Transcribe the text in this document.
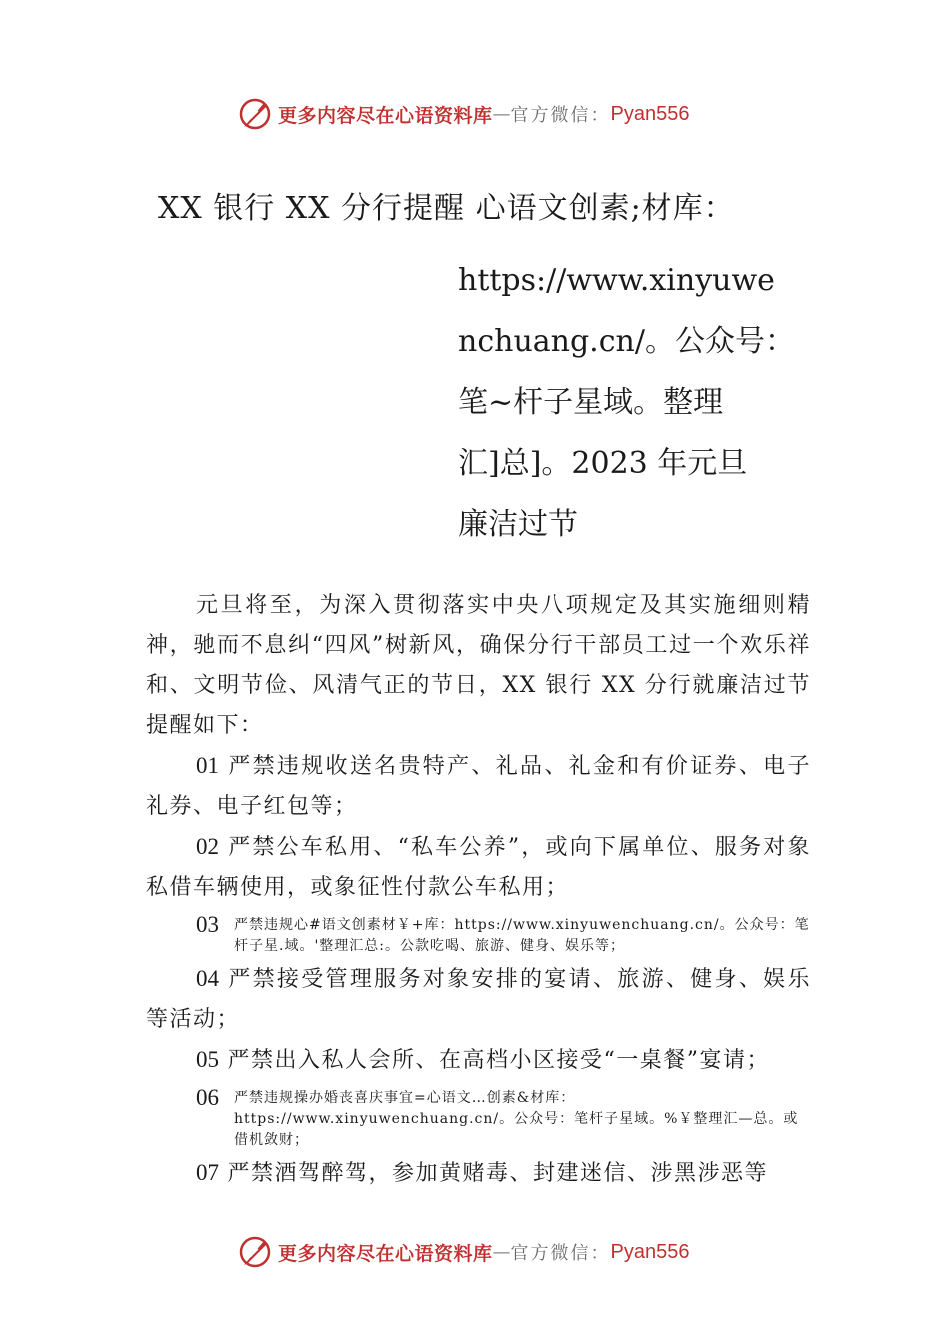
更多内容尽在心语资料库 — 官方微信： Pyan556
XX 银行 XX 分行提醒 心语文创素;材库：
https://www.xinyuwe
nchuang.cn/。公众号：
笔~杆子星域。整理
汇]总]。2023 年元旦
廉洁过节

元旦将至，为深入贯彻落实中央八项规定及其实施细则精神，驰而不息纠“四风”树新风，确保分行干部员工过一个欢乐祥和、文明节俭、风清气正的节日，XX 银行 XX 分行就廉洁过节提醒如下：

01 严禁违规收送名贵特产、礼品、礼金和有价证券、电子礼券、电子红包等；

02 严禁公车私用、“私车公养”，或向下属单位、服务对象私借车辆使用，或象征性付款公车私用；

03 严禁违规心#语文创素材￥+库：https://www.xinyuwenchuang.cn/。公众号：笔杆子星.域。'整理汇总:。公款吃喝、旅游、健身、娱乐等；

04 严禁接受管理服务对象安排的宴请、旅游、健身、娱乐等活动；

05 严禁出入私人会所、在高档小区接受“一桌餐”宴请；

06 严禁违规操办婚丧喜庆事宜=心语文…创素&材库：https://www.xinyuwenchuang.cn/。公众号：笔杆子星域。%￥整理汇—总。或借机敛财；

07 严禁酒驾醉驾，参加黄赌毒、封建迷信、涉黑涉恶等

更多内容尽在心语资料库 — 官方微信： Pyan556
